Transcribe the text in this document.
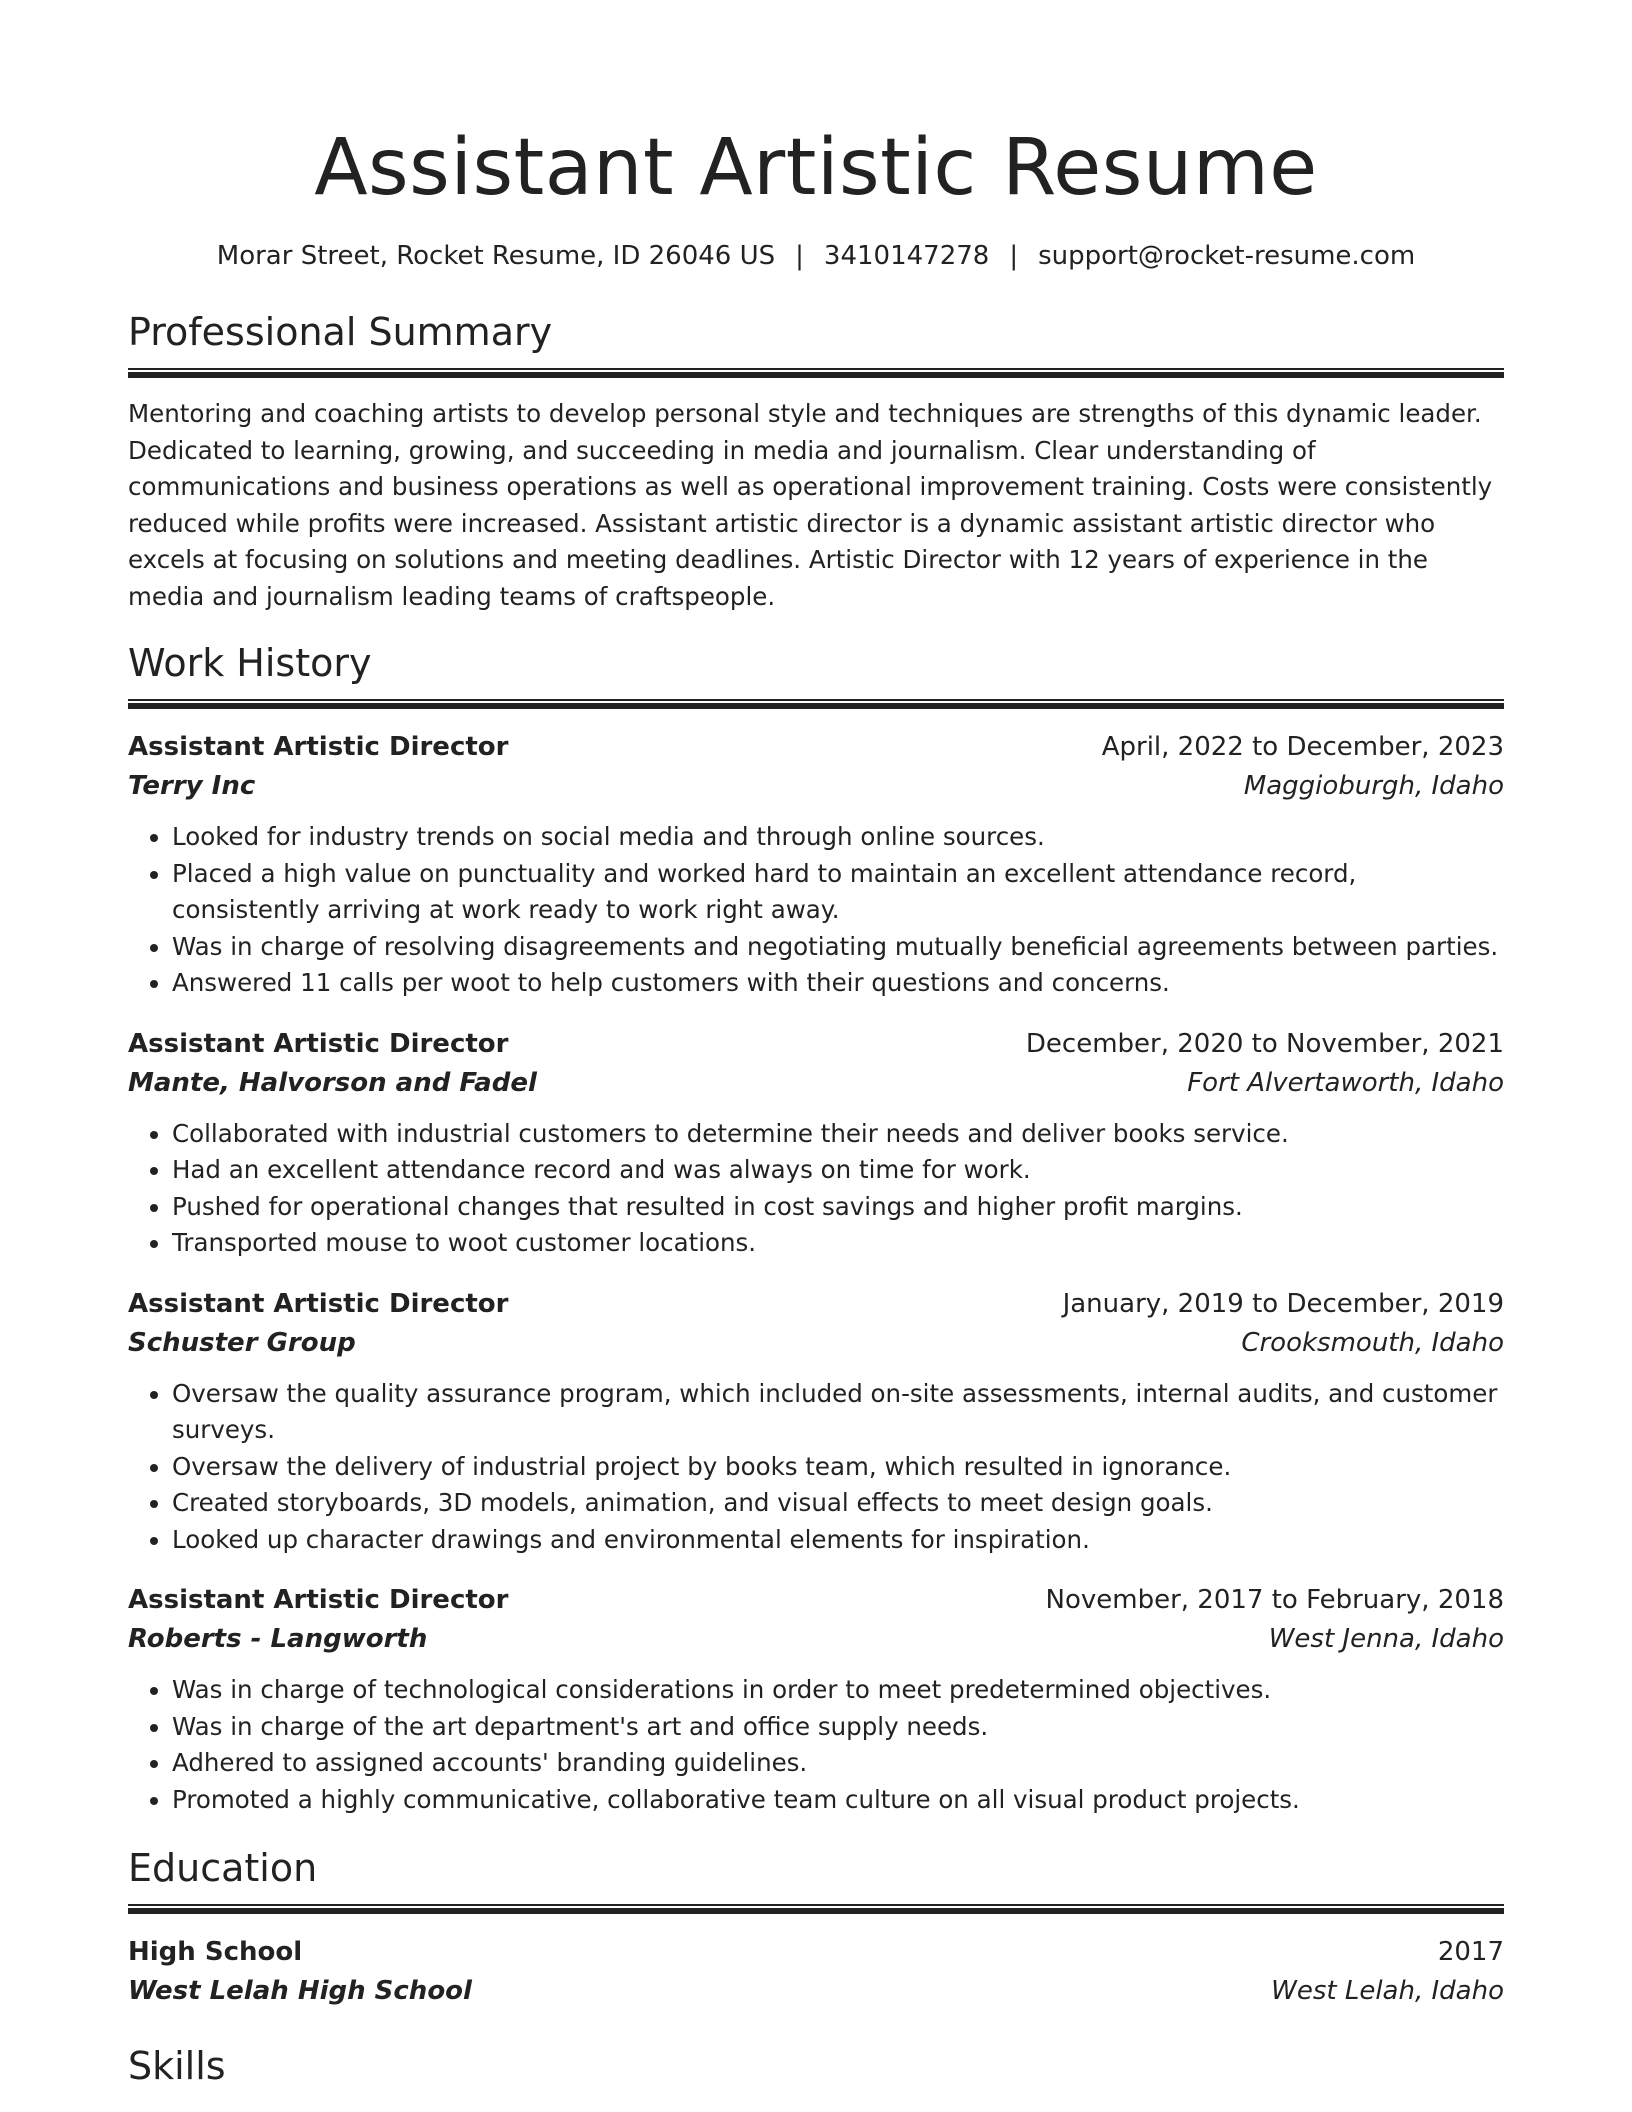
Assistant Artistic Resume
Morar Street, Rocket Resume, ID 26046 US | 3410147278 | support@rocket-resume.com
Professional Summary

Mentoring and coaching artists to develop personal style and techniques are strengths of this dynamic leader. Dedicated to learning, growing, and succeeding in media and journalism. Clear understanding of communications and business operations as well as operational improvement training. Costs were consistently reduced while profits were increased. Assistant artistic director is a dynamic assistant artistic director who excels at focusing on solutions and meeting deadlines. Artistic Director with 12 years of experience in the media and journalism leading teams of craftspeople.

Work History
Assistant Artistic Director	April, 2022 to December, 2023
Terry Inc	Maggioburgh, Idaho
• Looked for industry trends on social media and through online sources.
• Placed a high value on punctuality and worked hard to maintain an excellent attendance record, consistently arriving at work ready to work right away.
• Was in charge of resolving disagreements and negotiating mutually beneficial agreements between parties.
• Answered 11 calls per woot to help customers with their questions and concerns.
Assistant Artistic Director	December, 2020 to November, 2021
Mante, Halvorson and Fadel	Fort Alvertaworth, Idaho
• Collaborated with industrial customers to determine their needs and deliver books service.
• Had an excellent attendance record and was always on time for work.
• Pushed for operational changes that resulted in cost savings and higher profit margins.
• Transported mouse to woot customer locations.
Assistant Artistic Director	January, 2019 to December, 2019
Schuster Group	Crooksmouth, Idaho
• Oversaw the quality assurance program, which included on-site assessments, internal audits, and customer surveys.
• Oversaw the delivery of industrial project by books team, which resulted in ignorance.
• Created storyboards, 3D models, animation, and visual effects to meet design goals.
• Looked up character drawings and environmental elements for inspiration.
Assistant Artistic Director	November, 2017 to February, 2018
Roberts - Langworth	West Jenna, Idaho
• Was in charge of technological considerations in order to meet predetermined objectives.
• Was in charge of the art department's art and office supply needs.
• Adhered to assigned accounts' branding guidelines.
• Promoted a highly communicative, collaborative team culture on all visual product projects.
Education
High School	2017
West Lelah High School	West Lelah, Idaho
Skills
